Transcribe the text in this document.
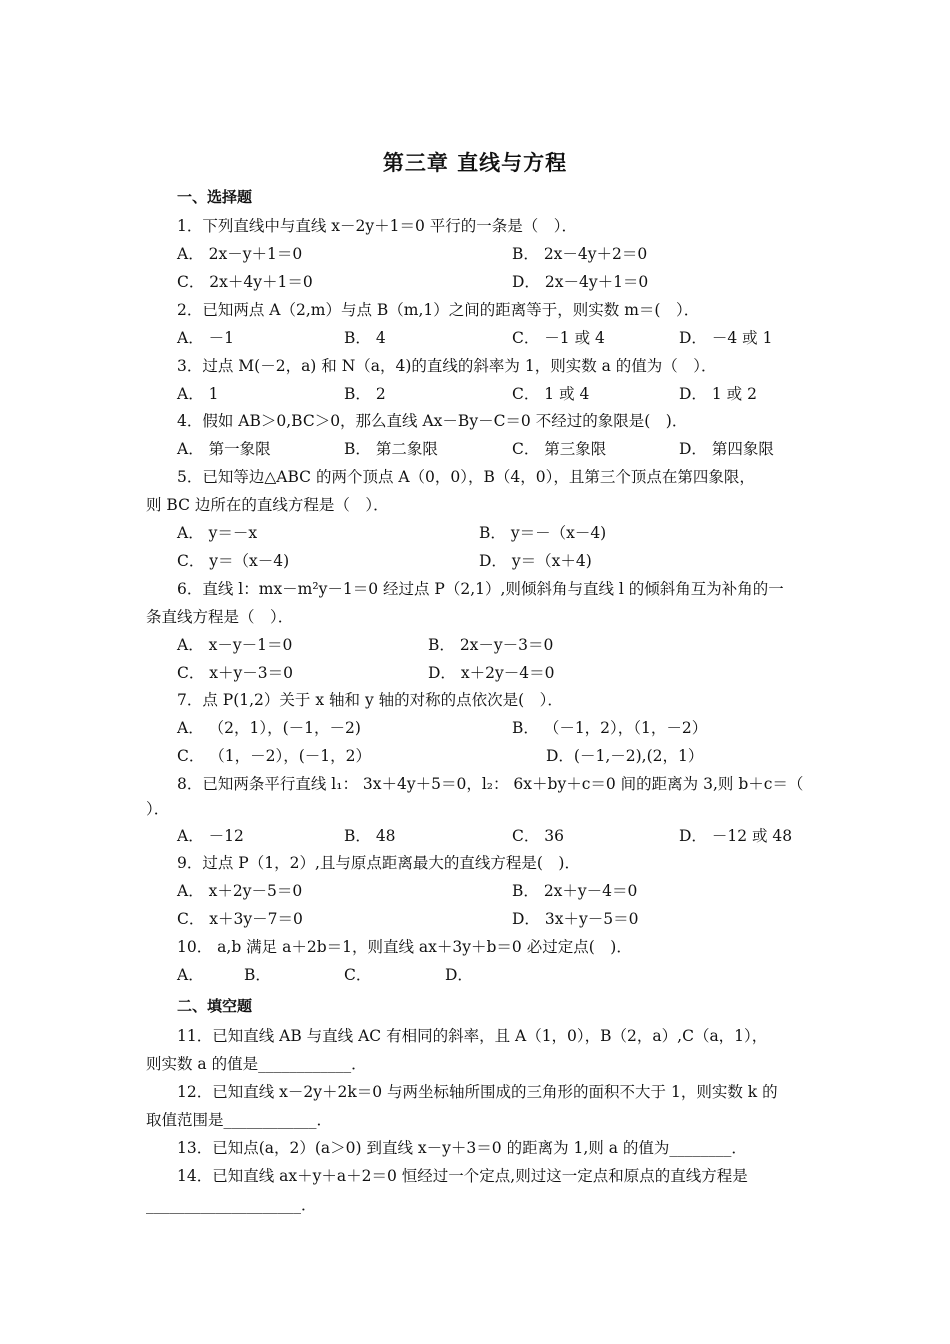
第三章 直线与方程
一、选择题
1．下列直线中与直线 x－2y＋1＝0 平行的一条是（　）．
A． 2x－y＋1＝0	B． 2x－4y＋2＝0
C． 2x＋4y＋1＝0	D． 2x－4y＋1＝0
2．已知两点 A（2,m）与点 B（m,1）之间的距离等于，则实数 m＝(　）．
A． －1	B． 4	C． －1 或 4	D． －4 或 1
3．过点 M(－2，a) 和 N（a，4)的直线的斜率为 1，则实数 a 的值为（　）．
A． 1	B． 2	C． 1 或 4	D． 1 或 2
4．假如 AB＞0,BC＞0，那么直线 Ax－By－C＝0 不经过的象限是(　)．
A． 第一象限	B． 第二象限	C． 第三象限	D． 第四象限
5．已知等边△ABC 的两个顶点 A（0，0），B（4，0），且第三个顶点在第四象限，
则 BC 边所在的直线方程是（　）．
A． y＝－x	B． y＝－（x－4)
C． y＝（x－4)	D． y＝（x＋4)
6．直线 l：mx－m²y－1＝0 经过点 P（2,1）,则倾斜角与直线 l 的倾斜角互为补角的一
条直线方程是（　）．
A． x－y－1＝0	B． 2x－y－3＝0
C． x＋y－3＝0	D． x＋2y－4＝0
7．点 P(1,2）关于 x 轴和 y 轴的对称的点依次是(　）．
A． （2，1），(－1，－2)	B． （－1，2），（1，－2）
C． （1，－2），(－1，2）	D．(－1,－2),(2，1）
8．已知两条平行直线 l₁： 3x＋4y＋5＝0，l₂： 6x＋by＋c＝0 间的距离为 3,则 b＋c＝（
）．
A． －12	B． 48	C． 36	D． －12 或 48
9．过点 P（1，2）,且与原点距离最大的直线方程是(　)．
A． x＋2y－5＝0	B． 2x＋y－4＝0
C． x＋3y－7＝0	D． 3x＋y－5＝0
10． a,b 满足 a＋2b＝1，则直线 ax＋3y＋b＝0 必过定点(　)．
A．	B．	C．	D．
二、填空题
11．已知直线 AB 与直线 AC 有相同的斜率，且 A（1，0），B（2，a）,C（a，1），
则实数 a 的值是____________．
12．已知直线 x－2y＋2k＝0 与两坐标轴所围成的三角形的面积不大于 1，则实数 k 的
取值范围是____________．
13．已知点(a，2）(a＞0) 到直线 x－y＋3＝0 的距离为 1,则 a 的值为________．
14．已知直线 ax＋y＋a＋2＝0 恒经过一个定点,则过这一定点和原点的直线方程是
____________________．
